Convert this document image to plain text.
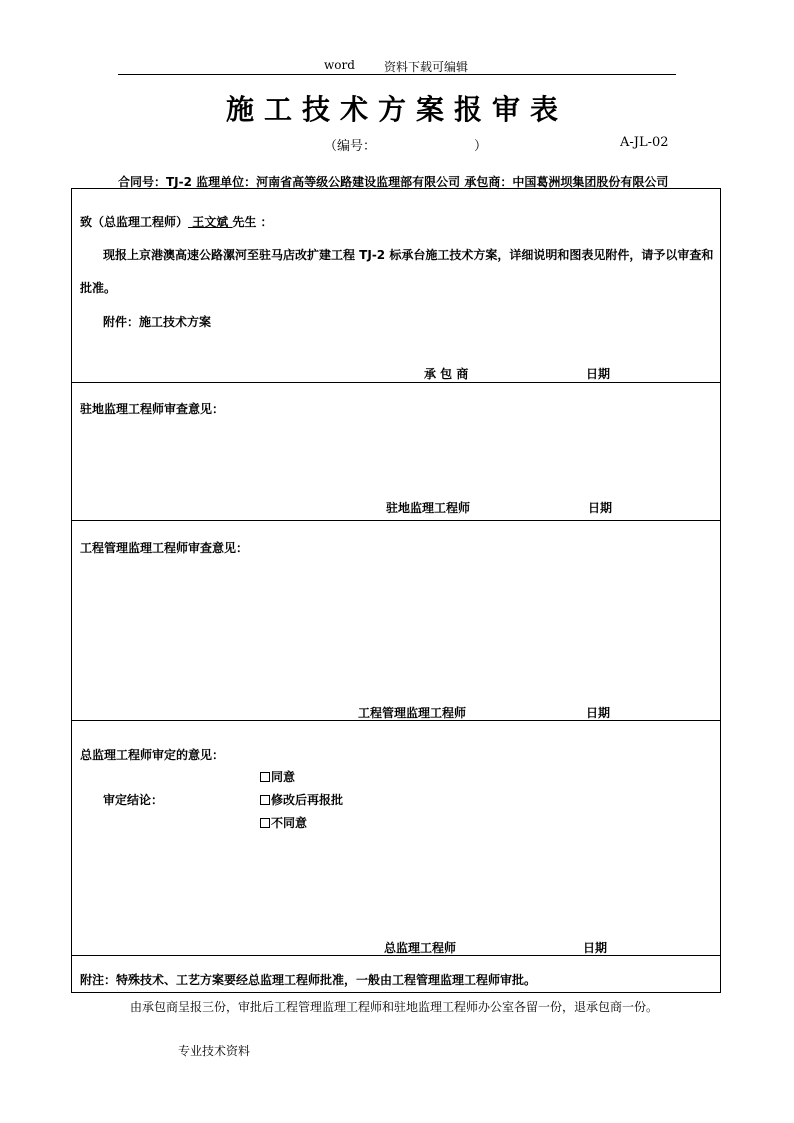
word 资料下载可编辑
施工技术方案报审表
（编号：	）	A-JL-02
合同号：TJ-2 监理单位：河南省高等级公路建设监理部有限公司 承包商：中国葛洲坝集团股份有限公司
致（总监理工程师） 王文斌 先生 ：
现报上京港澳高速公路漯河至驻马店改扩建工程 TJ-2 标承台施工技术方案，详细说明和图表见附件，请予以审查和
批准。
附件：施工技术方案
承 包 商	日期
驻地监理工程师审查意见：
驻地监理工程师	日期
工程管理监理工程师审查意见：
工程管理监理工程师	日期
总监理工程师审定的意见：
同意
审定结论：	修改后再报批
不同意
总监理工程师	日期
附注：特殊技术、工艺方案要经总监理工程师批准，一般由工程管理监理工程师审批。
由承包商呈报三份，审批后工程管理监理工程师和驻地监理工程师办公室各留一份，退承包商一份。
专业技术资料
